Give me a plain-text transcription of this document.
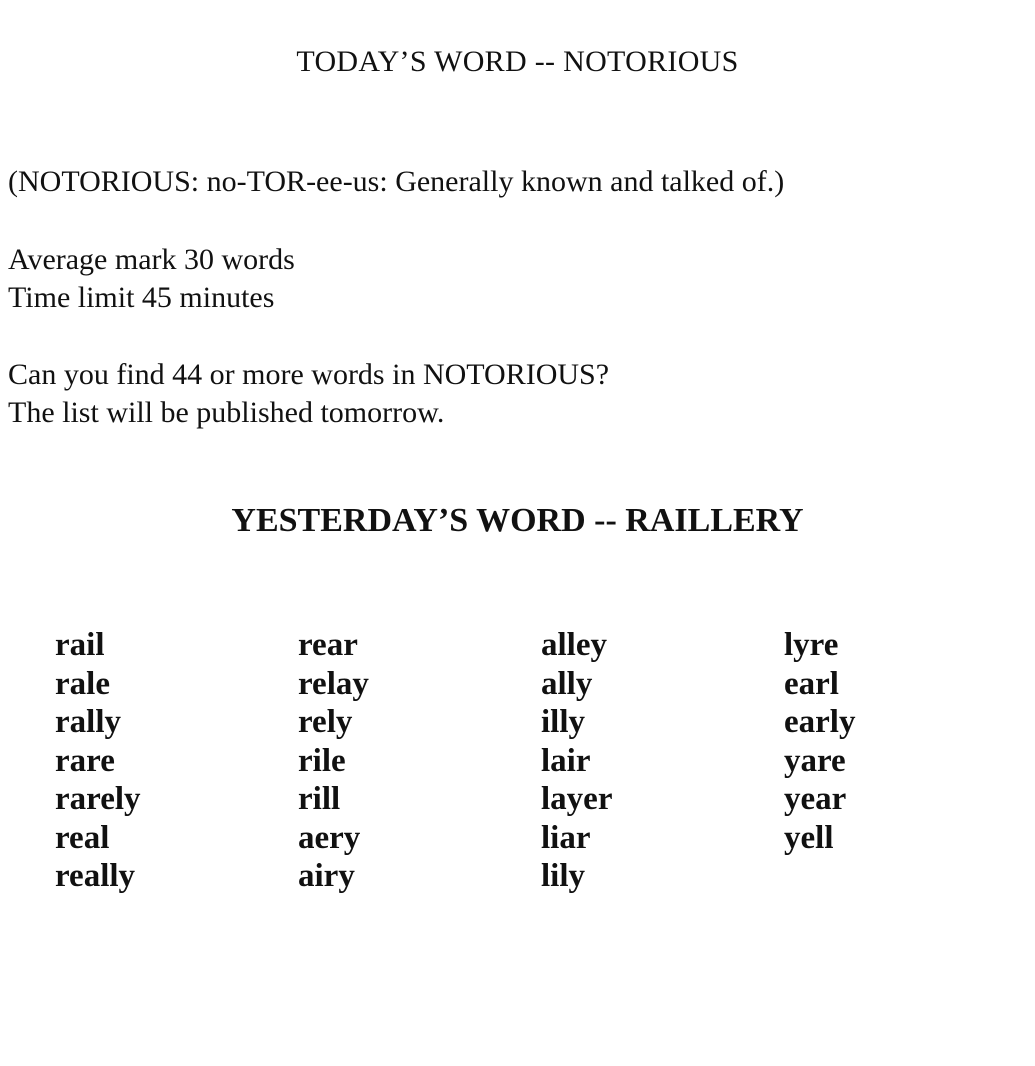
TODAY’S WORD -- NOTORIOUS
(NOTORIOUS: no-TOR-ee-us: Generally known and talked of.)
Average mark 30 words
Time limit 45 minutes
Can you find 44 or more words in NOTORIOUS?
The list will be published tomorrow.
YESTERDAY’S WORD -- RAILLERY
rail
rale
rally
rare
rarely
real
really
rear
relay
rely
rile
rill
aery
airy
alley
ally
illy
lair
layer
liar
lily
lyre
earl
early
yare
year
yell
